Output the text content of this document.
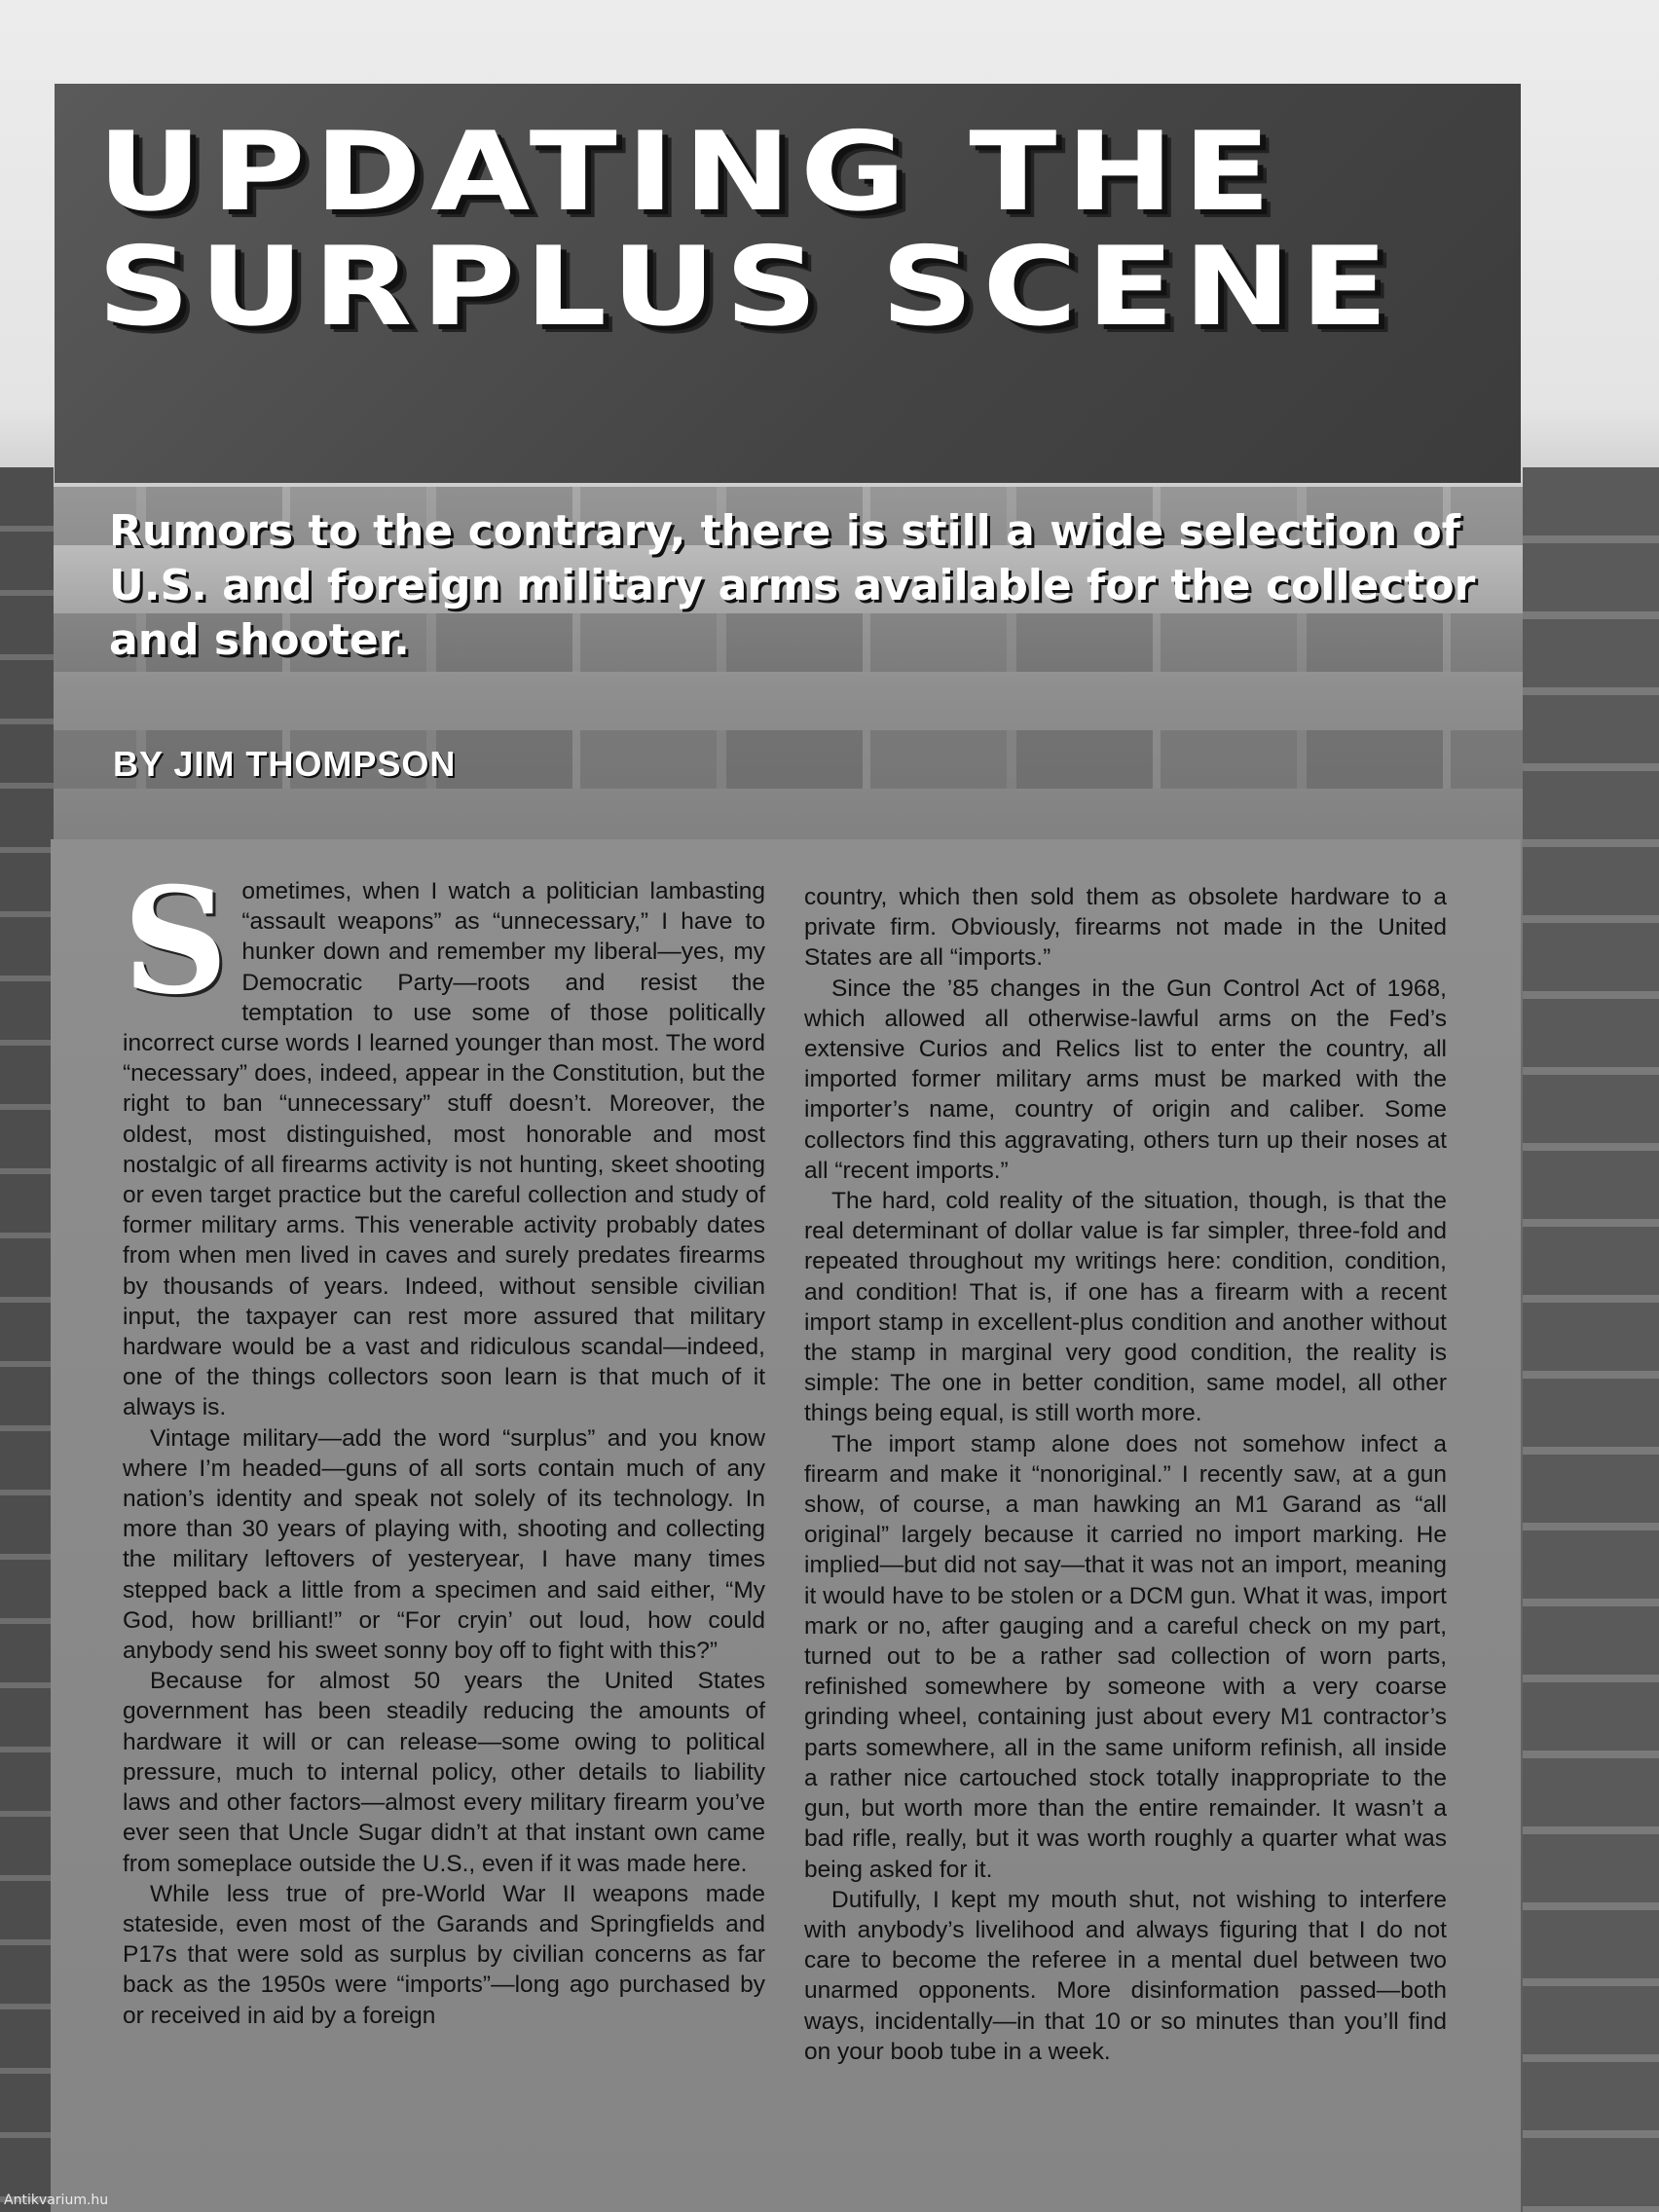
UPDATING THE SURPLUS SCENE

Rumors to the contrary, there is still a wide selection of U.S. and foreign military arms available for the collector and shooter.

BY JIM THOMPSON

S ometimes, when I watch a politician lambasting “assault weapons” as “unnecessary,” I have to hunker down and remember my liberal—yes, my Democratic Party—roots and resist the temptation to use some of those politically incorrect curse words I learned younger than most. The word “necessary” does, indeed, appear in the Constitution, but the right to ban “unnecessary” stuff doesn’t. Moreover, the oldest, most distinguished, most honorable and most nostalgic of all firearms activity is not hunting, skeet shooting or even target practice but the careful collection and study of former military arms. This venerable activity probably dates from when men lived in caves and surely predates firearms by thousands of years. Indeed, without sensible civilian input, the taxpayer can rest more assured that military hardware would be a vast and ridiculous scandal—indeed, one of the things collectors soon learn is that much of it always is.

Vintage military—add the word “surplus” and you know where I’m headed—guns of all sorts contain much of any nation’s identity and speak not solely of its technology. In more than 30 years of playing with, shooting and collecting the military leftovers of yesteryear, I have many times stepped back a little from a specimen and said either, “My God, how brilliant!” or “For cryin’ out loud, how could anybody send his sweet sonny boy off to fight with this?”

Because for almost 50 years the United States government has been steadily reducing the amounts of hardware it will or can release—some owing to political pressure, much to internal policy, other details to liability laws and other factors—almost every military firearm you’ve ever seen that Uncle Sugar didn’t at that instant own came from someplace outside the U.S., even if it was made here.

While less true of pre-World War II weapons made stateside, even most of the Garands and Springfields and P17s that were sold as surplus by civilian concerns as far back as the 1950s were “imports”—long ago purchased by or received in aid by a foreign

country, which then sold them as obsolete hardware to a private firm. Obviously, firearms not made in the United States are all “imports.”

Since the ’85 changes in the Gun Control Act of 1968, which allowed all otherwise-lawful arms on the Fed’s extensive Curios and Relics list to enter the country, all imported former military arms must be marked with the importer’s name, country of origin and caliber. Some collectors find this aggravating, others turn up their noses at all “recent imports.”

The hard, cold reality of the situation, though, is that the real determinant of dollar value is far simpler, three-fold and repeated throughout my writings here: condition, condition, and condition! That is, if one has a firearm with a recent import stamp in excellent-plus condition and another without the stamp in marginal very good condition, the reality is simple: The one in better condition, same model, all other things being equal, is still worth more.

The import stamp alone does not somehow infect a firearm and make it “nonoriginal.” I recently saw, at a gun show, of course, a man hawking an M1 Garand as “all original” largely because it carried no import marking. He implied—but did not say—that it was not an import, meaning it would have to be stolen or a DCM gun. What it was, import mark or no, after gauging and a careful check on my part, turned out to be a rather sad collection of worn parts, refinished somewhere by someone with a very coarse grinding wheel, containing just about every M1 contractor’s parts somewhere, all in the same uniform refinish, all inside a rather nice cartouched stock totally inappropriate to the gun, but worth more than the entire remainder. It wasn’t a bad rifle, really, but it was worth roughly a quarter what was being asked for it.

Dutifully, I kept my mouth shut, not wishing to interfere with anybody’s livelihood and always figuring that I do not care to become the referee in a mental duel between two unarmed opponents. More disinformation passed—both ways, incidentally—in that 10 or so minutes than you’ll find on your boob tube in a week.

Antikvarium.hu
